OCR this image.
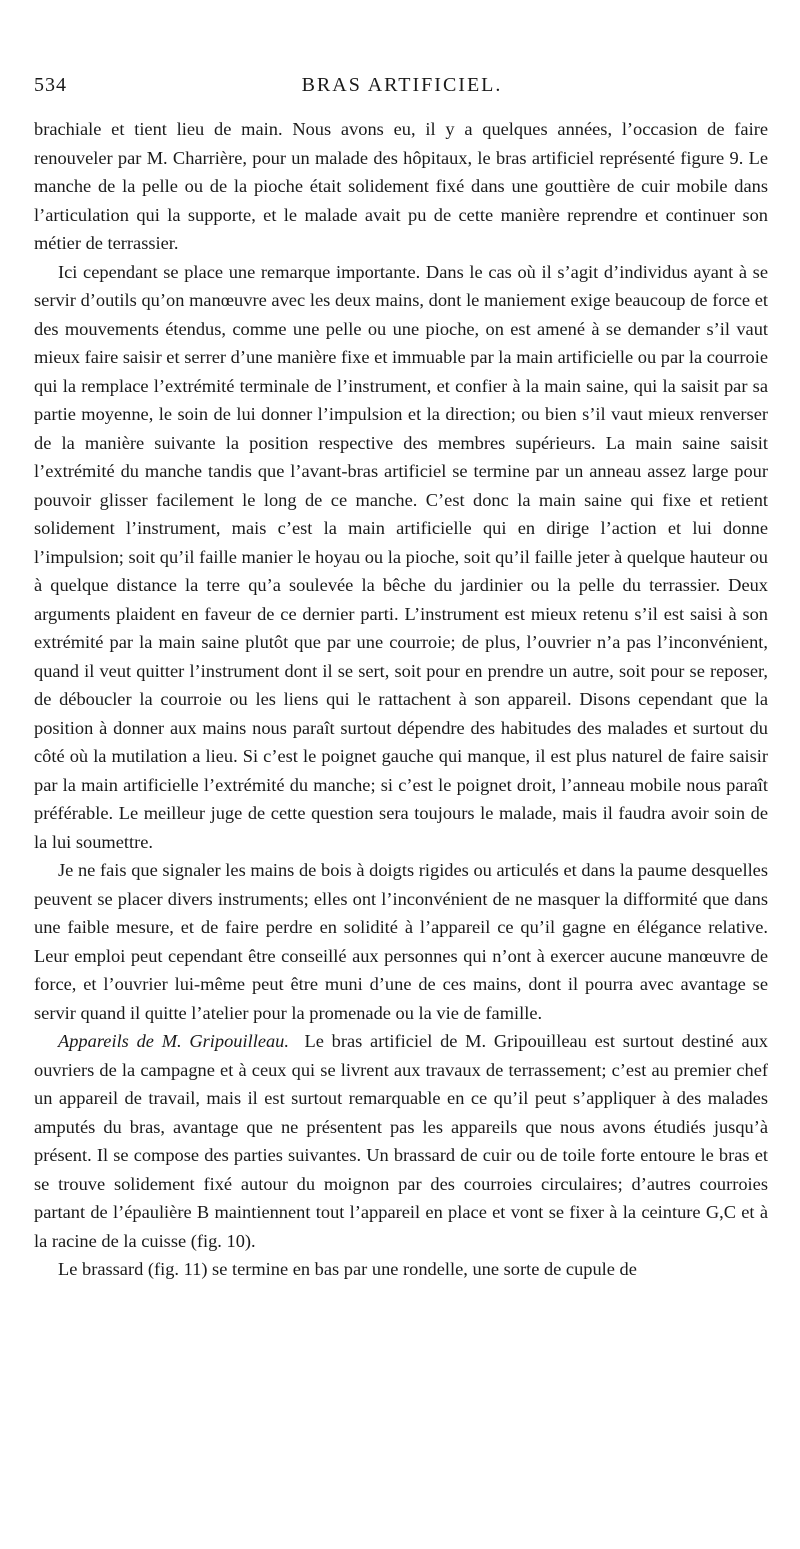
534	BRAS ARTIFICIEL.

brachiale et tient lieu de main. Nous avons eu, il y a quelques années, l’occasion de faire renouveler par M. Charrière, pour un malade des hôpitaux, le bras artificiel représenté figure 9. Le manche de la pelle ou de la pioche était solidement fixé dans une gouttière de cuir mobile dans l’articulation qui la supporte, et le malade avait pu de cette manière reprendre et continuer son métier de terrassier.

Ici cependant se place une remarque importante. Dans le cas où il s’agit d’individus ayant à se servir d’outils qu’on manœuvre avec les deux mains, dont le maniement exige beaucoup de force et des mouvements étendus, comme une pelle ou une pioche, on est amené à se demander s’il vaut mieux faire saisir et serrer d’une manière fixe et immuable par la main artificielle ou par la courroie qui la remplace l’extrémité terminale de l’instrument, et confier à la main saine, qui la saisit par sa partie moyenne, le soin de lui donner l’impulsion et la direction; ou bien s’il vaut mieux renverser de la manière suivante la position respective des membres supérieurs. La main saine saisit l’extrémité du manche tandis que l’avant-bras artificiel se termine par un anneau assez large pour pouvoir glisser facilement le long de ce manche. C’est donc la main saine qui fixe et retient solidement l’instrument, mais c’est la main artificielle qui en dirige l’action et lui donne l’impulsion; soit qu’il faille manier le hoyau ou la pioche, soit qu’il faille jeter à quelque hauteur ou à quelque distance la terre qu’a soulevée la bêche du jardinier ou la pelle du terrassier. Deux arguments plaident en faveur de ce dernier parti. L’instrument est mieux retenu s’il est saisi à son extrémité par la main saine plutôt que par une courroie; de plus, l’ouvrier n’a pas l’inconvénient, quand il veut quitter l’instrument dont il se sert, soit pour en prendre un autre, soit pour se reposer, de déboucler la courroie ou les liens qui le rattachent à son appareil. Disons cependant que la position à donner aux mains nous paraît surtout dépendre des habitudes des malades et surtout du côté où la mutilation a lieu. Si c’est le poignet gauche qui manque, il est plus naturel de faire saisir par la main artificielle l’extrémité du manche; si c’est le poignet droit, l’anneau mobile nous paraît préférable. Le meilleur juge de cette question sera toujours le malade, mais il faudra avoir soin de la lui soumettre.

Je ne fais que signaler les mains de bois à doigts rigides ou articulés et dans la paume desquelles peuvent se placer divers instruments; elles ont l’inconvénient de ne masquer la difformité que dans une faible mesure, et de faire perdre en solidité à l’appareil ce qu’il gagne en élégance relative. Leur emploi peut cependant être conseillé aux personnes qui n’ont à exercer aucune manœuvre de force, et l’ouvrier lui-même peut être muni d’une de ces mains, dont il pourra avec avantage se servir quand il quitte l’atelier pour la promenade ou la vie de famille.

Appareils de M. Gripouilleau. Le bras artificiel de M. Gripouilleau est surtout destiné aux ouvriers de la campagne et à ceux qui se livrent aux travaux de terrassement; c’est au premier chef un appareil de travail, mais il est surtout remarquable en ce qu’il peut s’appliquer à des malades amputés du bras, avantage que ne présentent pas les appareils que nous avons étudiés jusqu’à présent. Il se compose des parties suivantes. Un brassard de cuir ou de toile forte entoure le bras et se trouve solidement fixé autour du moignon par des courroies circulaires; d’autres courroies partant de l’épaulière B maintiennent tout l’appareil en place et vont se fixer à la ceinture G,C et à la racine de la cuisse (fig. 10).

Le brassard (fig. 11) se termine en bas par une rondelle, une sorte de cupule de
